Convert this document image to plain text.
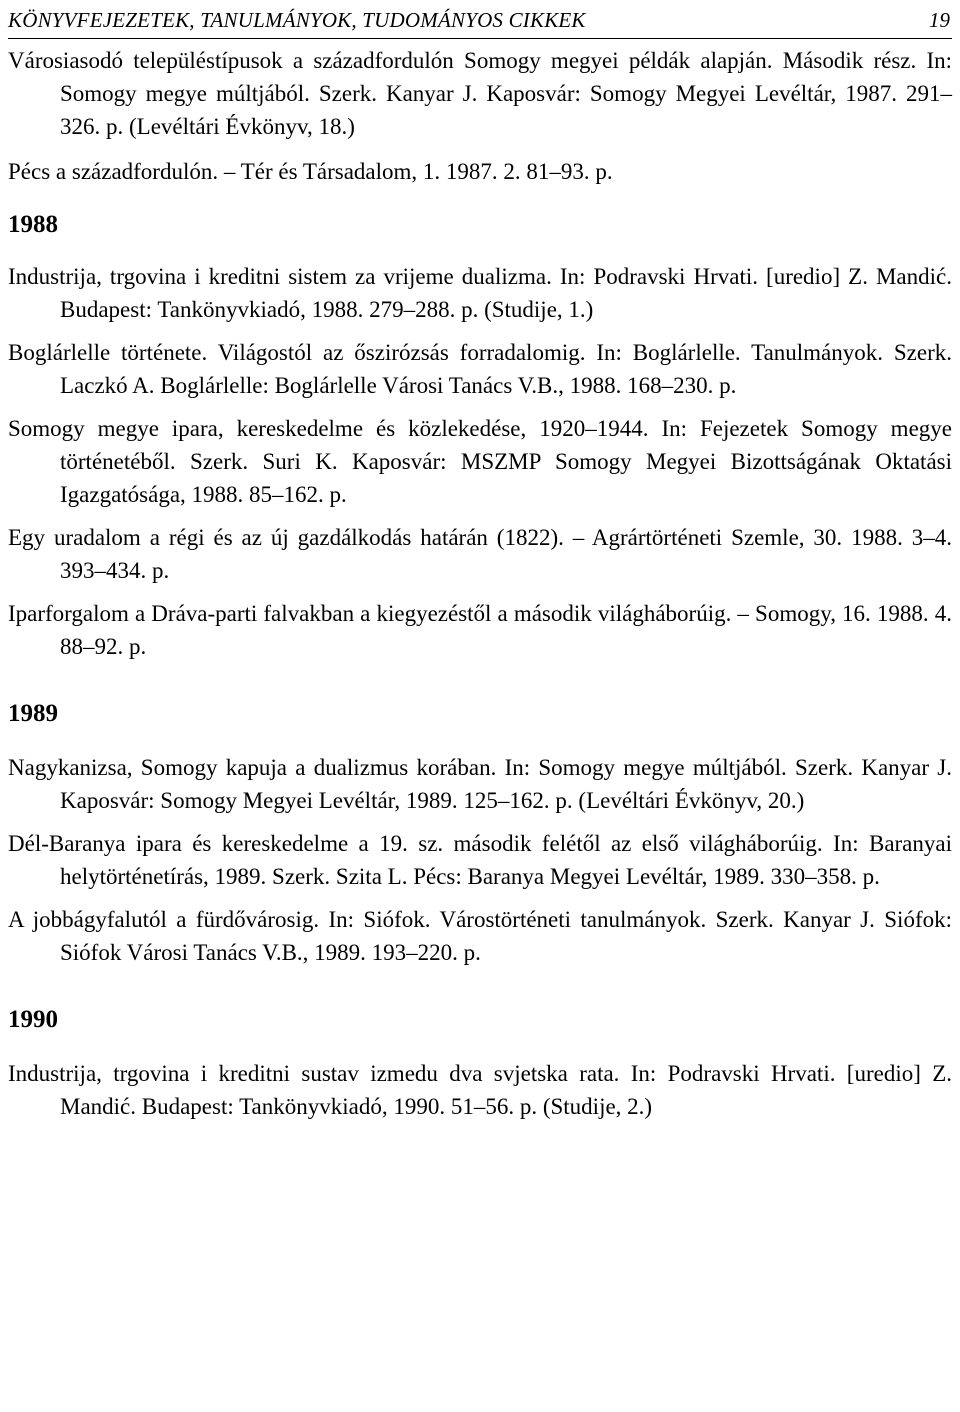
KÖNYVFEJEZETEK, TANULMÁNYOK, TUDOMÁNYOS CIKKEK	19

Városiasodó településtípusok a századfordulón Somogy megyei példák alapján. Második rész. In: Somogy megye múltjából. Szerk. Kanyar J. Kaposvár: Somogy Megyei Levéltár, 1987. 291–326. p. (Levéltári Évkönyv, 18.)

Pécs a századfordulón. – Tér és Társadalom, 1. 1987. 2. 81–93. p.

1988

Industrija, trgovina i kreditni sistem za vrijeme dualizma. In: Podravski Hrvati. [uredio] Z. Mandić. Budapest: Tankönyvkiadó, 1988. 279–288. p. (Studije, 1.)

Boglárlelle története. Világostól az őszirózsás forradalomig. In: Boglárlelle. Tanulmányok. Szerk. Laczkó A. Boglárlelle: Boglárlelle Városi Tanács V.B., 1988. 168–230. p.

Somogy megye ipara, kereskedelme és közlekedése, 1920–1944. In: Fejezetek Somogy megye történetéből. Szerk. Suri K. Kaposvár: MSZMP Somogy Megyei Bizottságának Oktatási Igazgatósága, 1988. 85–162. p.

Egy uradalom a régi és az új gazdálkodás határán (1822). – Agrártörténeti Szemle, 30. 1988. 3–4. 393–434. p.

Iparforgalom a Dráva-parti falvakban a kiegyezéstől a második világháborúig. – Somogy, 16. 1988. 4. 88–92. p.

1989

Nagykanizsa, Somogy kapuja a dualizmus korában. In: Somogy megye múltjából. Szerk. Kanyar J. Kaposvár: Somogy Megyei Levéltár, 1989. 125–162. p. (Levéltári Évkönyv, 20.)

Dél-Baranya ipara és kereskedelme a 19. sz. második felétől az első világháborúig. In: Baranyai helytörténetírás, 1989. Szerk. Szita L. Pécs: Baranya Megyei Levéltár, 1989. 330–358. p.

A jobbágyfalutól a fürdővárosig. In: Siófok. Várostörténeti tanulmányok. Szerk. Kanyar J. Siófok: Siófok Városi Tanács V.B., 1989. 193–220. p.

1990

Industrija, trgovina i kreditni sustav izmedu dva svjetska rata. In: Podravski Hrvati. [uredio] Z. Mandić. Budapest: Tankönyvkiadó, 1990. 51–56. p. (Studije, 2.)
